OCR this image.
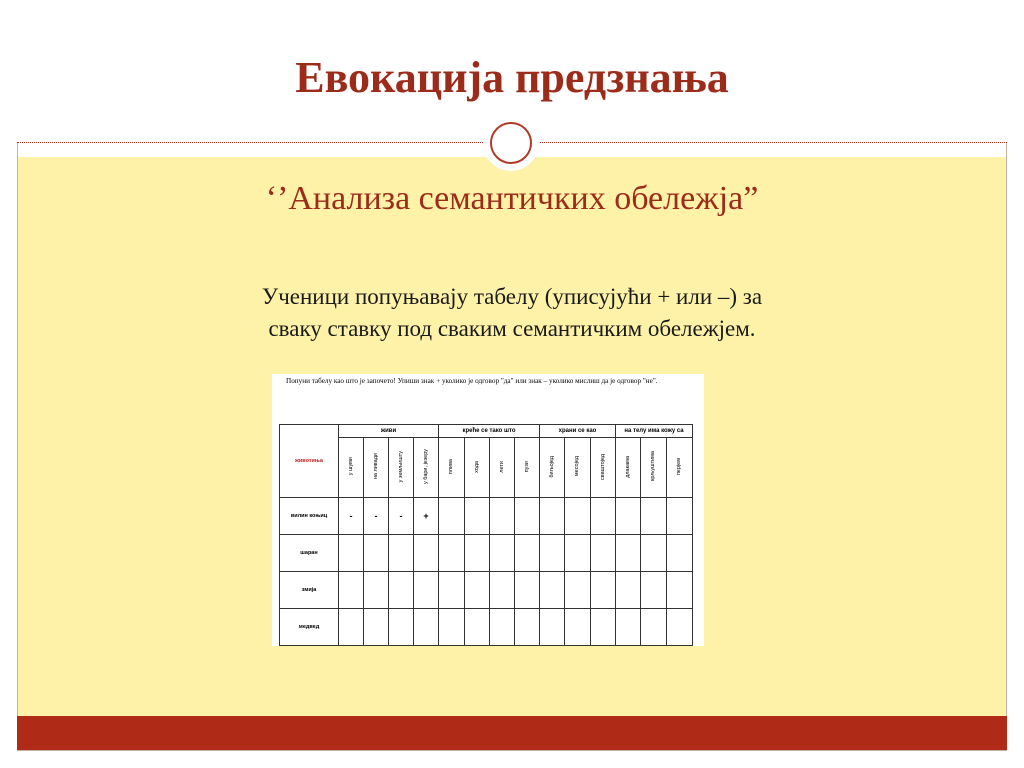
Евокација предзнања
‘’Анализа семантичких обележја”
Ученици попуњавају табелу (уписујући + или –) за
сваку ставку под сваким семантичким обележјем.
Попуни табелу као што је започето! Упиши знак + уколико је одговор "да" или знак – уколико мислиш да је одговор "не".
животиња	живи				креће се тако што				храни се као			на телу има кожу са		
	у шуми	на ливади	у земљишту	у бари, језеру	плива	хода	лети	пузи	биљојед	месојед	сваштојед	длакама	крљуштима	перјем
вилин коњиц	-	-	-	+										
шаран														
змија														
медвед														
